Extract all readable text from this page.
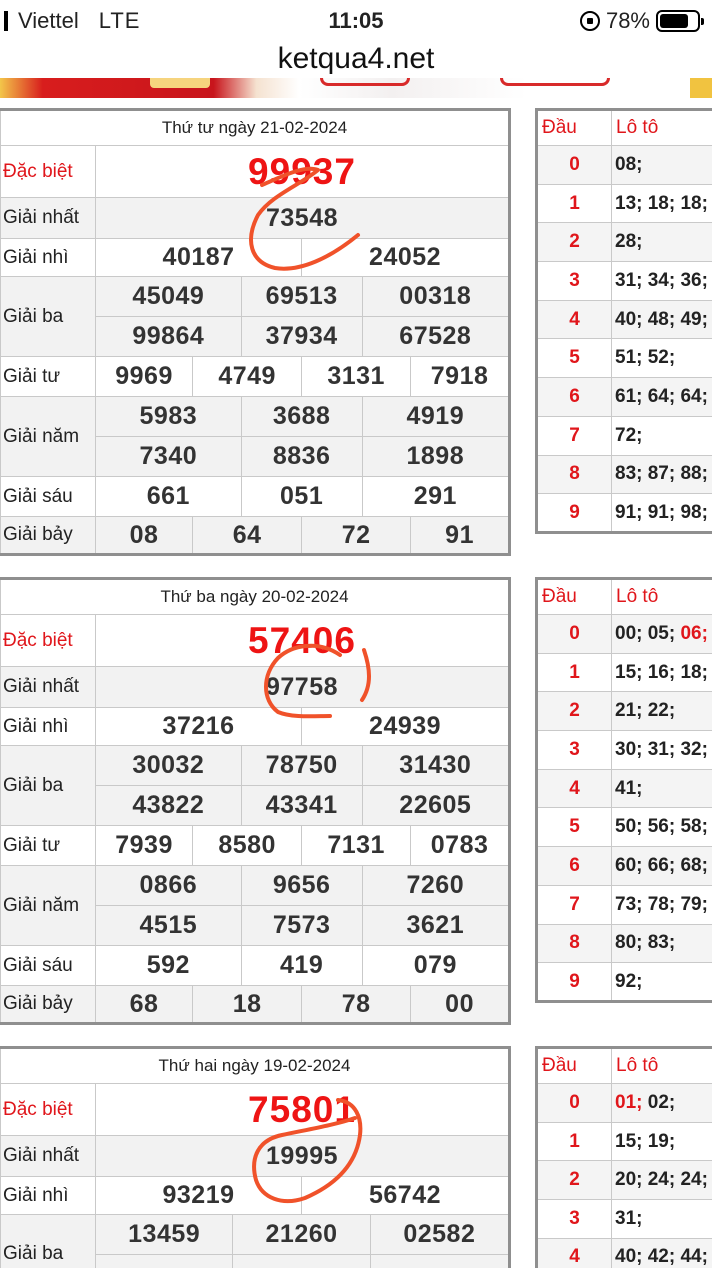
Viettel LTE	11:05	78%
ketqua4.net
Thứ tư ngày 21-02-2024						
Đặc biệt	99937					
Giải nhất	73548					
Giải nhì	40187			24052		
Giải ba	45049		69513		00318	
	99864		37934		67528	
Giải tư	9969	4749		3131		7918
Giải năm	5983		3688		4919	
	7340		8836		1898	
Giải sáu	661		051		291	
Giải bảy	08	64		72		91
Đầu	Lô tô
0	08;
1	13; 18; 18;
2	28;
3	31; 34; 36;
4	40; 48; 49;
5	51; 52;
6	61; 64; 64;
7	72;
8	83; 87; 88;
9	91; 91; 98;
Thứ ba ngày 20-02-2024						
Đặc biệt	57406					
Giải nhất	97758					
Giải nhì	37216			24939		
Giải ba	30032		78750		31430	
	43822		43341		22605	
Giải tư	7939	8580		7131		0783
Giải năm	0866		9656		7260	
	4515		7573		3621	
Giải sáu	592		419		079	
Giải bảy	68	18		78		00
Đầu	Lô tô
0	00; 05; 06;
1	15; 16; 18;
2	21; 22;
3	30; 31; 32;
4	41;
5	50; 56; 58;
6	60; 66; 68;
7	73; 78; 79;
8	80; 83;
9	92;
Thứ hai ngày 19-02-2024				
Đặc biệt	75801			
Giải nhất	19995			
Giải nhì	93219		56742	
Giải ba	13459	21260		02582

Đầu	Lô tô
0	01; 02;
1	15; 19;
2	20; 24; 24;
3	31;
4	40; 42; 44;
